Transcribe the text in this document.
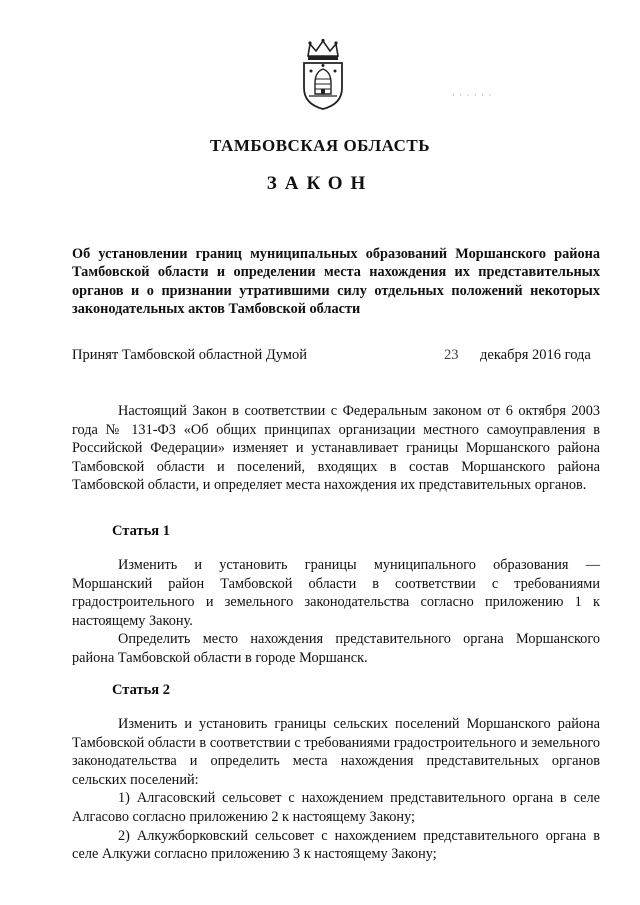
· · · · · ·
ТАМБОВСКАЯ ОБЛАСТЬ
ЗАКОН
Об установлении границ муниципальных образований Моршанского района Тамбовской области и определении места нахождения их представительных органов и о признании утратившими силу отдельных положений некоторых законодательных актов Тамбовской области
Принят Тамбовской областной Думой	23 декабря 2016 года

Настоящий Закон в соответствии с Федеральным законом от 6 октября 2003 года № 131-ФЗ «Об общих принципах организации местного самоуправления в Российской Федерации» изменяет и устанавливает границы Моршанского района Тамбовской области и поселений, входящих в состав Моршанского района Тамбовской области, и определяет места нахождения их представительных органов.

Статья 1

Изменить и установить границы муниципального образования — Моршанский район Тамбовской области в соответствии с требованиями градостроительного и земельного законодательства согласно приложению 1 к настоящему Закону.

Определить место нахождения представительного органа Моршанского района Тамбовской области в городе Моршанск.

Статья 2

Изменить и установить границы сельских поселений Моршанского района Тамбовской области в соответствии с требованиями градостроительного и земельного законодательства и определить места нахождения представительных органов сельских поселений:

1) Алгасовский сельсовет с нахождением представительного органа в селе Алгасово согласно приложению 2 к настоящему Закону;

2) Алкужборковский сельсовет с нахождением представительного органа в селе Алкужи согласно приложению 3 к настоящему Закону;
